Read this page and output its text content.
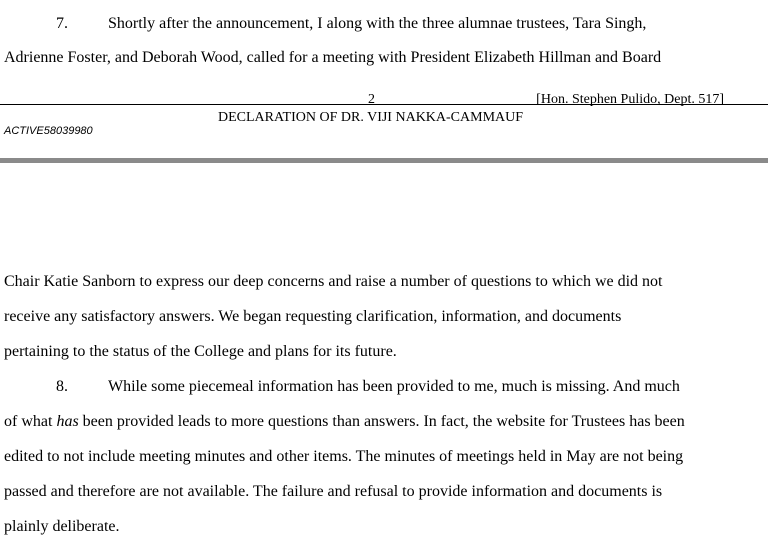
7.	Shortly after the announcement, I along with the three alumnae trustees, Tara Singh,
Adrienne Foster, and Deborah Wood, called for a meeting with President Elizabeth Hillman and Board
2	[Hon. Stephen Pulido, Dept. 517]
DECLARATION OF DR. VIJI NAKKA-CAMMAUF
ACTIVE58039980
Chair Katie Sanborn to express our deep concerns and raise a number of questions to which we did not
receive any satisfactory answers. We began requesting clarification, information, and documents
pertaining to the status of the College and plans for its future.
8.	While some piecemeal information has been provided to me, much is missing. And much
of what has been provided leads to more questions than answers. In fact, the website for Trustees has been
edited to not include meeting minutes and other items. The minutes of meetings held in May are not being
passed and therefore are not available. The failure and refusal to provide information and documents is
plainly deliberate.
